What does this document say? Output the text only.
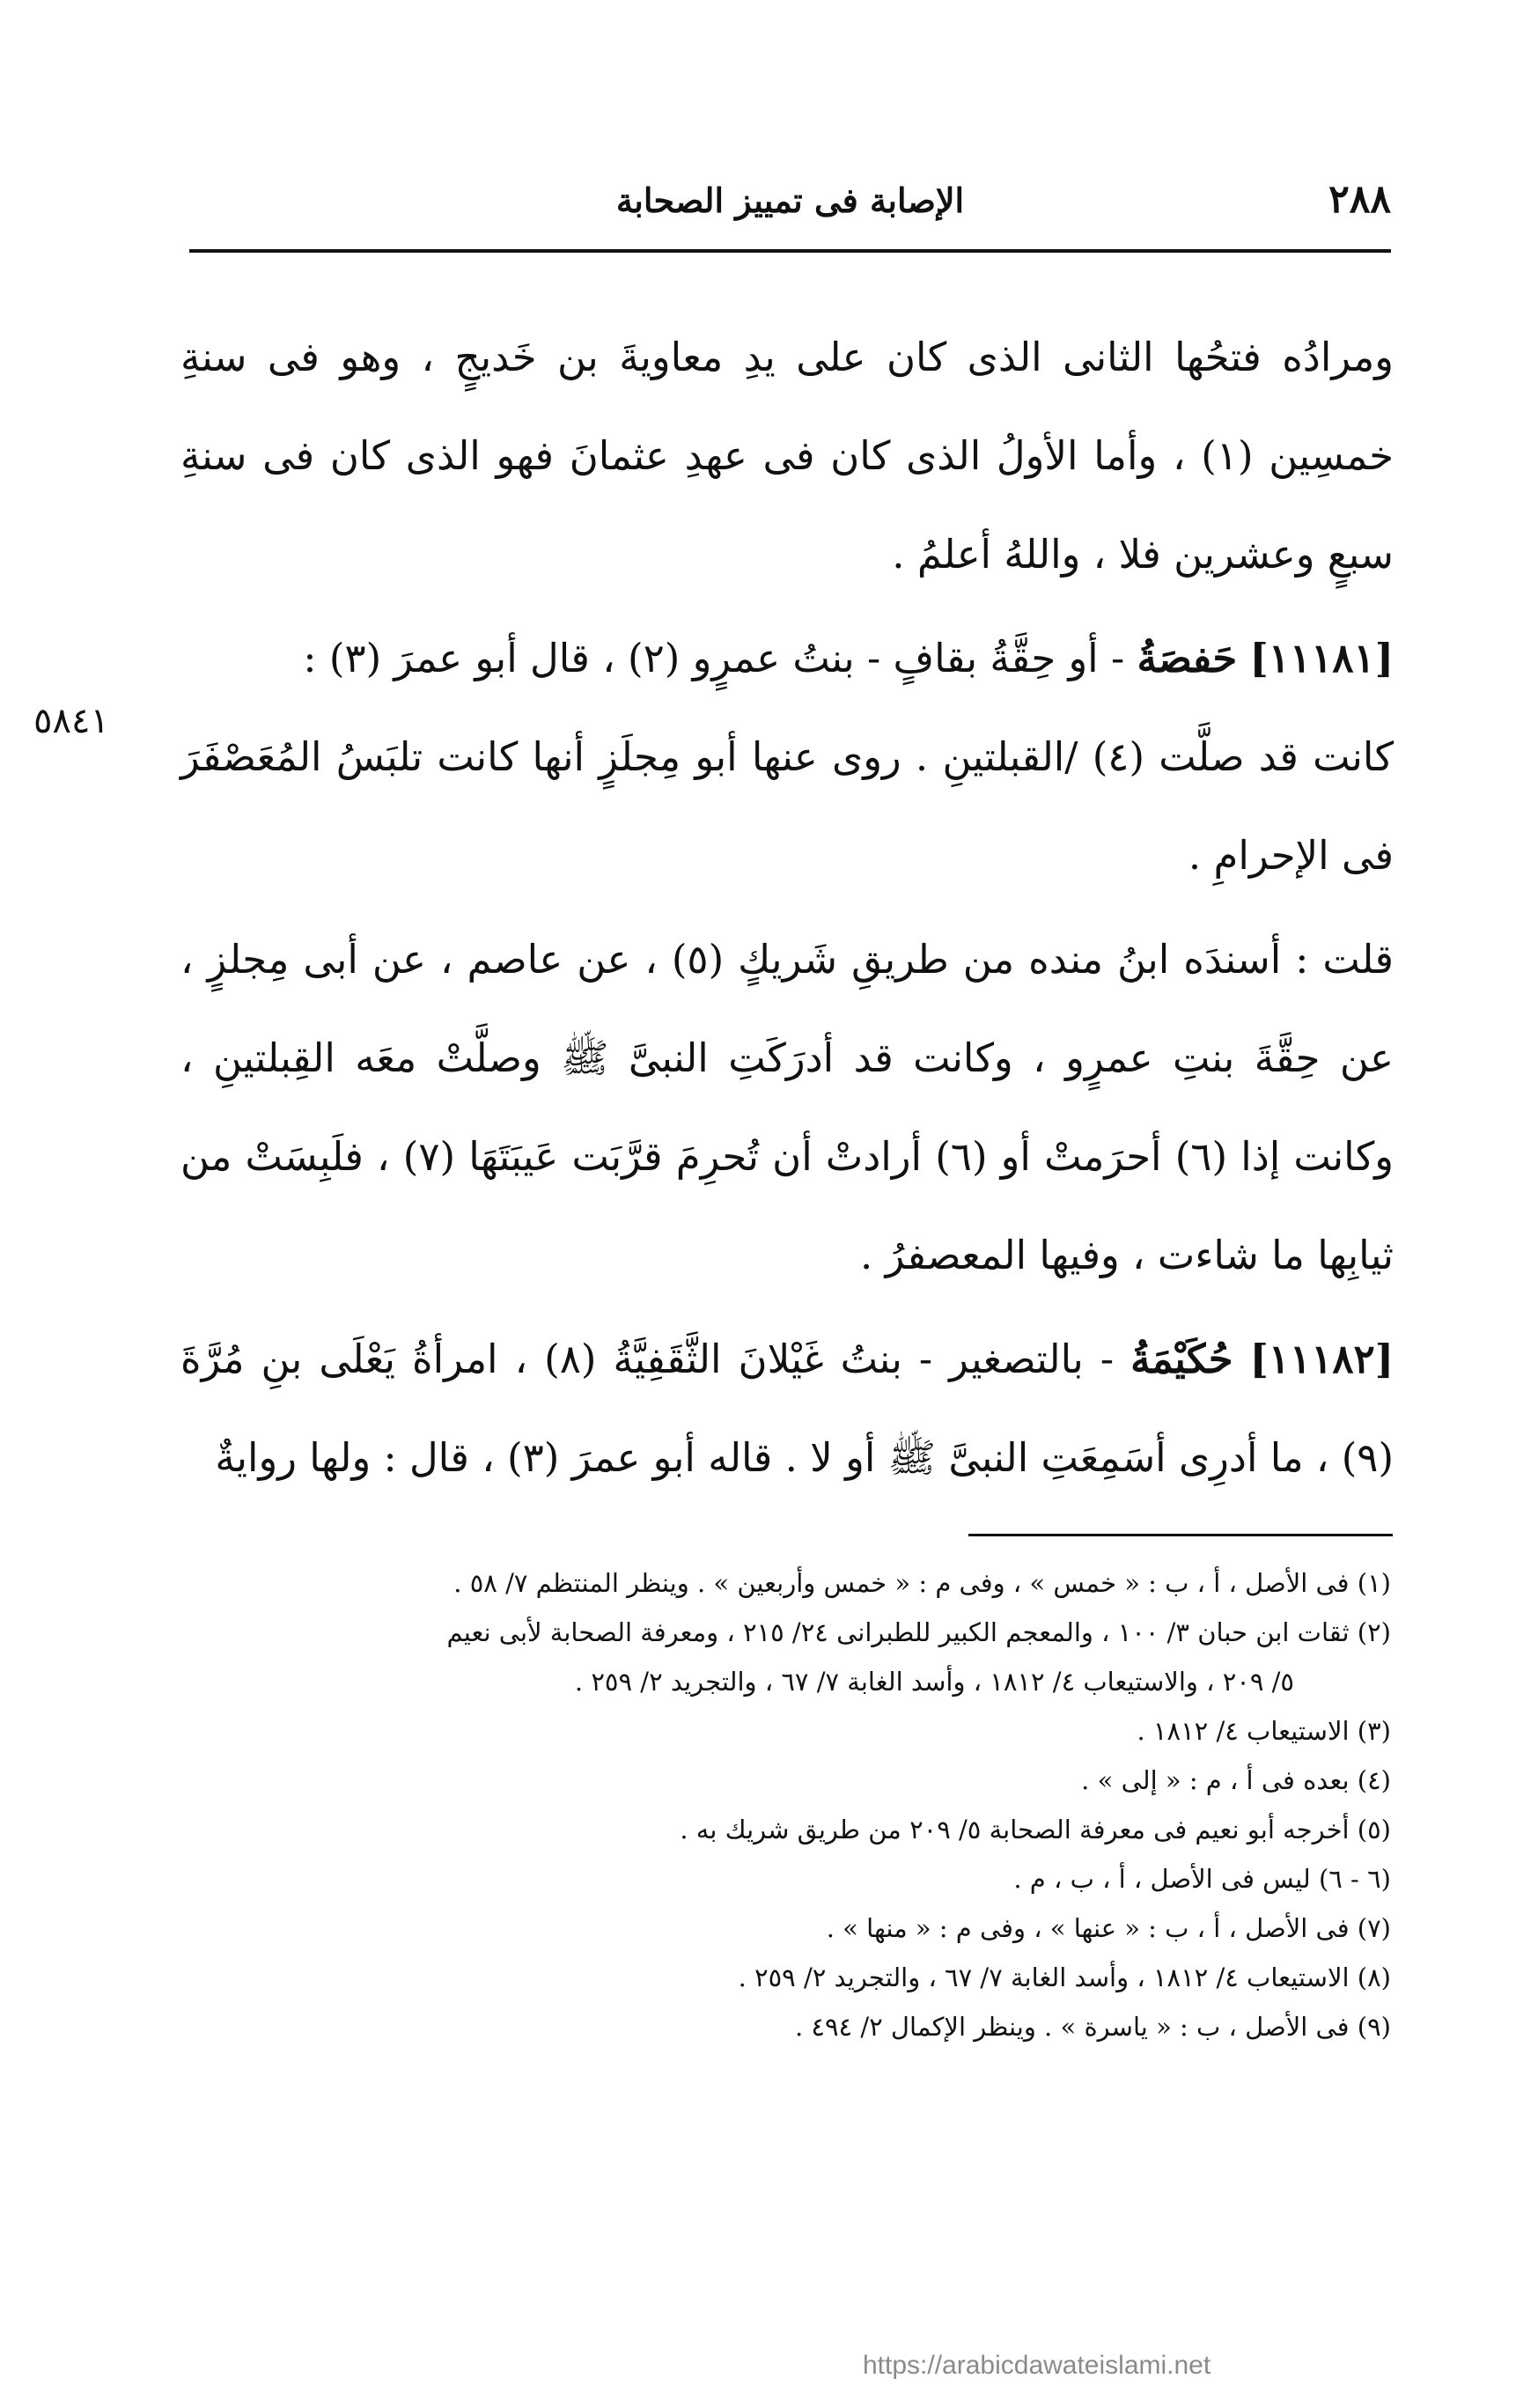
٢٨٨
الإصابة فى تمييز الصحابة
٥٨٤١

ومرادُه فتحُها الثانى الذى كان على يدِ معاويةَ بن خَديجٍ ، وهو فى سنةِ خمسِين (١) ، وأما الأولُ الذى كان فى عهدِ عثمانَ فهو الذى كان فى سنةِ سبعٍ وعشرين فلا ، واللهُ أعلمُ .

[١١١٨١] حَفصَةُ - أو حِقَّةُ بقافٍ - بنتُ عمرٍو (٢) ، قال أبو عمرَ (٣) :

كانت قد صلَّت (٤) /القبلتينِ . روى عنها أبو مِجلَزٍ أنها كانت تلبَسُ المُعَصْفَرَ فى الإحرامِ .

قلت : أسندَه ابنُ منده من طريقِ شَريكٍ (٥) ، عن عاصم ، عن أبى مِجلزٍ ، عن حِقَّةَ بنتِ عمرٍو ، وكانت قد أدرَكَتِ النبىَّ ﷺ وصلَّتْ معَه القِبلتينِ ، وكانت إذا (٦) أحرَمتْ أو (٦) أرادتْ أن تُحرِمَ قرَّبَت عَيبَتَهَا (٧) ، فلَبِسَتْ من ثيابِها ما شاءت ، وفيها المعصفرُ .

[١١١٨٢] حُكَيْمَةُ - بالتصغير - بنتُ غَيْلانَ الثَّقَفِيَّةُ (٨) ، امرأةُ يَعْلَى بنِ مُرَّةَ (٩) ، ما أدرِى أسَمِعَتِ النبىَّ ﷺ أو لا . قاله أبو عمرَ (٣) ، قال : ولها روايةٌ

(١) فى الأصل ، أ ، ب : « خمس » ، وفى م : « خمس وأربعين » . وينظر المنتظم ٧/ ٥٨ .

(٢) ثقات ابن حبان ٣/ ١٠٠ ، والمعجم الكبير للطبرانى ٢٤/ ٢١٥ ، ومعرفة الصحابة لأبى نعيم

٥/ ٢٠٩ ، والاستيعاب ٤/ ١٨١٢ ، وأسد الغابة ٧/ ٦٧ ، والتجريد ٢/ ٢٥٩ .

(٣) الاستيعاب ٤/ ١٨١٢ .

(٤) بعده فى أ ، م : « إلى » .

(٥) أخرجه أبو نعيم فى معرفة الصحابة ٥/ ٢٠٩ من طريق شريك به .

(٦ - ٦) ليس فى الأصل ، أ ، ب ، م .

(٧) فى الأصل ، أ ، ب : « عنها » ، وفى م : « منها » .

(٨) الاستيعاب ٤/ ١٨١٢ ، وأسد الغابة ٧/ ٦٧ ، والتجريد ٢/ ٢٥٩ .

(٩) فى الأصل ، ب : « ياسرة » . وينظر الإكمال ٢/ ٤٩٤ .

https://arabicdawateislami.net
